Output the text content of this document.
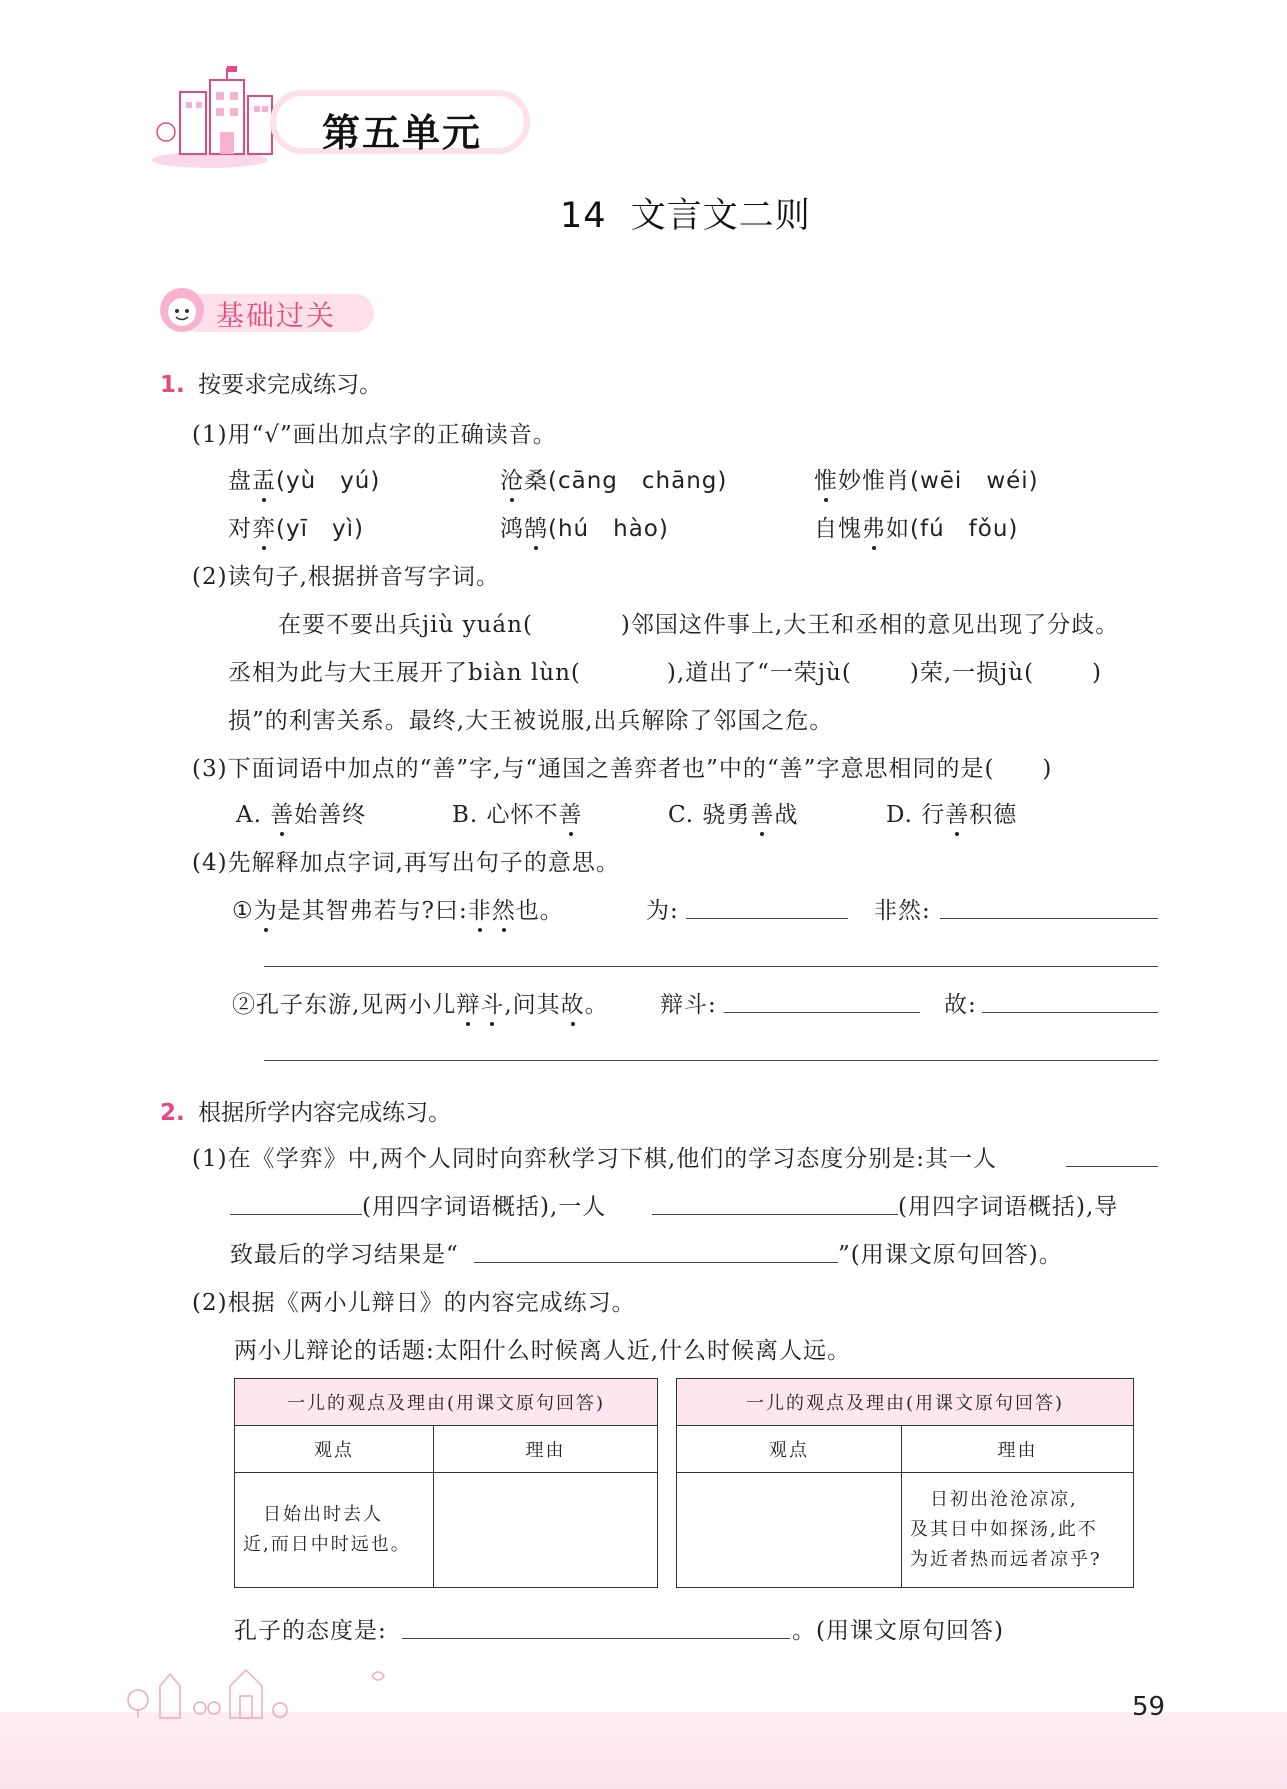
第五单元
14  文言文二则
基础过关
1. 按要求完成练习。
(1)用“√”画出加点字的正确读音。
盘盂(yù　yú)	沧桑(cāng　chāng)	惟妙惟肖(wēi　wéi)
对弈(yī　yì)	鸿鹄(hú　hào)	自愧弗如(fú　fǒu)
(2)读句子,根据拼音写字词。
在要不要出兵jiù yuán(	)邻国这件事上,大王和丞相的意见出现了分歧。
丞相为此与大王展开了biàn lùn(	),道出了“一荣jù(	)荣,一损jù(	)
损”的利害关系。最终,大王被说服,出兵解除了邻国之危。
(3)下面词语中加点的“善”字,与“通国之善弈者也”中的“善”字意思相同的是(　　)
A. 善始善终	B. 心怀不善	C. 骁勇善战	D. 行善积德
(4)先解释加点字词,再写出句子的意思。
①为是其智弗若与?曰:非然也。	为:	非然:
②孔子东游,见两小儿辩斗,问其故。 辩斗:	故:
2. 根据所学内容完成练习。
(1)在《学弈》中,两个人同时向弈秋学习下棋,他们的学习态度分别是:其一人
(用四字词语概括),一人	(用四字词语概括),导
致最后的学习结果是“	”(用课文原句回答)。
(2)根据《两小儿辩日》的内容完成练习。
两小儿辩论的话题:太阳什么时候离人近,什么时候离人远。
一儿的观点及理由(用课文原句回答)	
观点	理由

　日始出时去人
近,而日中时远也。	

一儿的观点及理由(用课文原句回答)	
观点	理由

	　日初出沧沧凉凉,
及其日中如探汤,此不
为近者热而远者凉乎?
孔子的态度是:	。(用课文原句回答)
59
